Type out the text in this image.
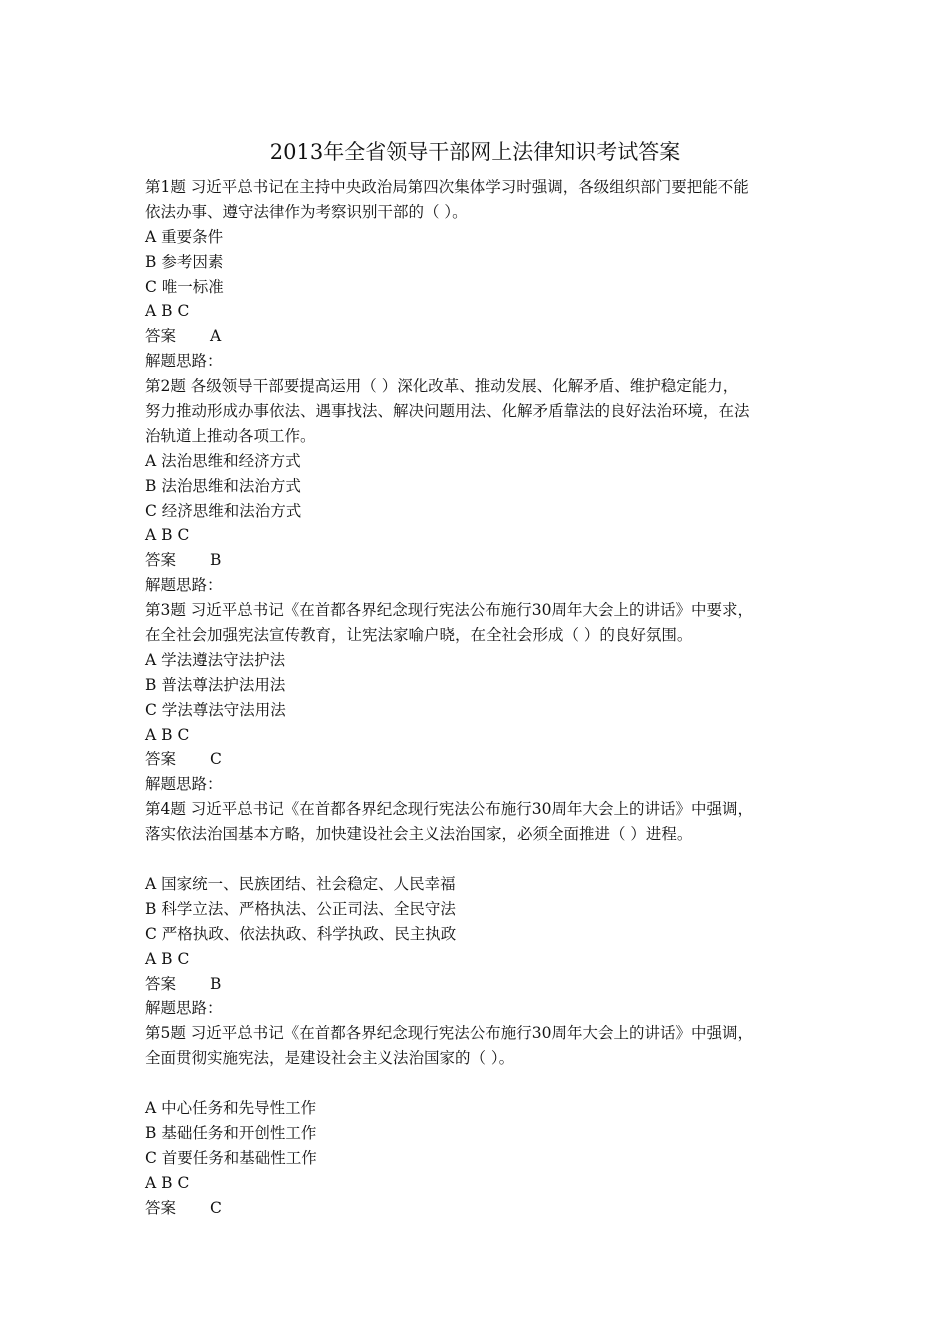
2013年全省领导干部网上法律知识考试答案
第1题 习近平总书记在主持中央政治局第四次集体学习时强调，各级组织部门要把能不能
依法办事、遵守法律作为考察识别干部的（ ）。
A 重要条件
B 参考因素
C 唯一标准
A B C
答案 A
解题思路：
第2题 各级领导干部要提高运用（ ）深化改革、推动发展、化解矛盾、维护稳定能力，
努力推动形成办事依法、遇事找法、解决问题用法、化解矛盾靠法的良好法治环境，在法
治轨道上推动各项工作。
A 法治思维和经济方式
B 法治思维和法治方式
C 经济思维和法治方式
A B C
答案 B
解题思路：
第3题 习近平总书记《在首都各界纪念现行宪法公布施行30周年大会上的讲话》中要求，
在全社会加强宪法宣传教育，让宪法家喻户晓，在全社会形成（ ）的良好氛围。
A 学法遵法守法护法
B 普法尊法护法用法
C 学法尊法守法用法
A B C
答案 C
解题思路：
第4题 习近平总书记《在首都各界纪念现行宪法公布施行30周年大会上的讲话》中强调，
落实依法治国基本方略，加快建设社会主义法治国家，必须全面推进（ ）进程。
A 国家统一、民族团结、社会稳定、人民幸福
B 科学立法、严格执法、公正司法、全民守法
C 严格执政、依法执政、科学执政、民主执政
A B C
答案 B
解题思路：
第5题 习近平总书记《在首都各界纪念现行宪法公布施行30周年大会上的讲话》中强调，
全面贯彻实施宪法，是建设社会主义法治国家的（ ）。
A 中心任务和先导性工作
B 基础任务和开创性工作
C 首要任务和基础性工作
A B C
答案 C
